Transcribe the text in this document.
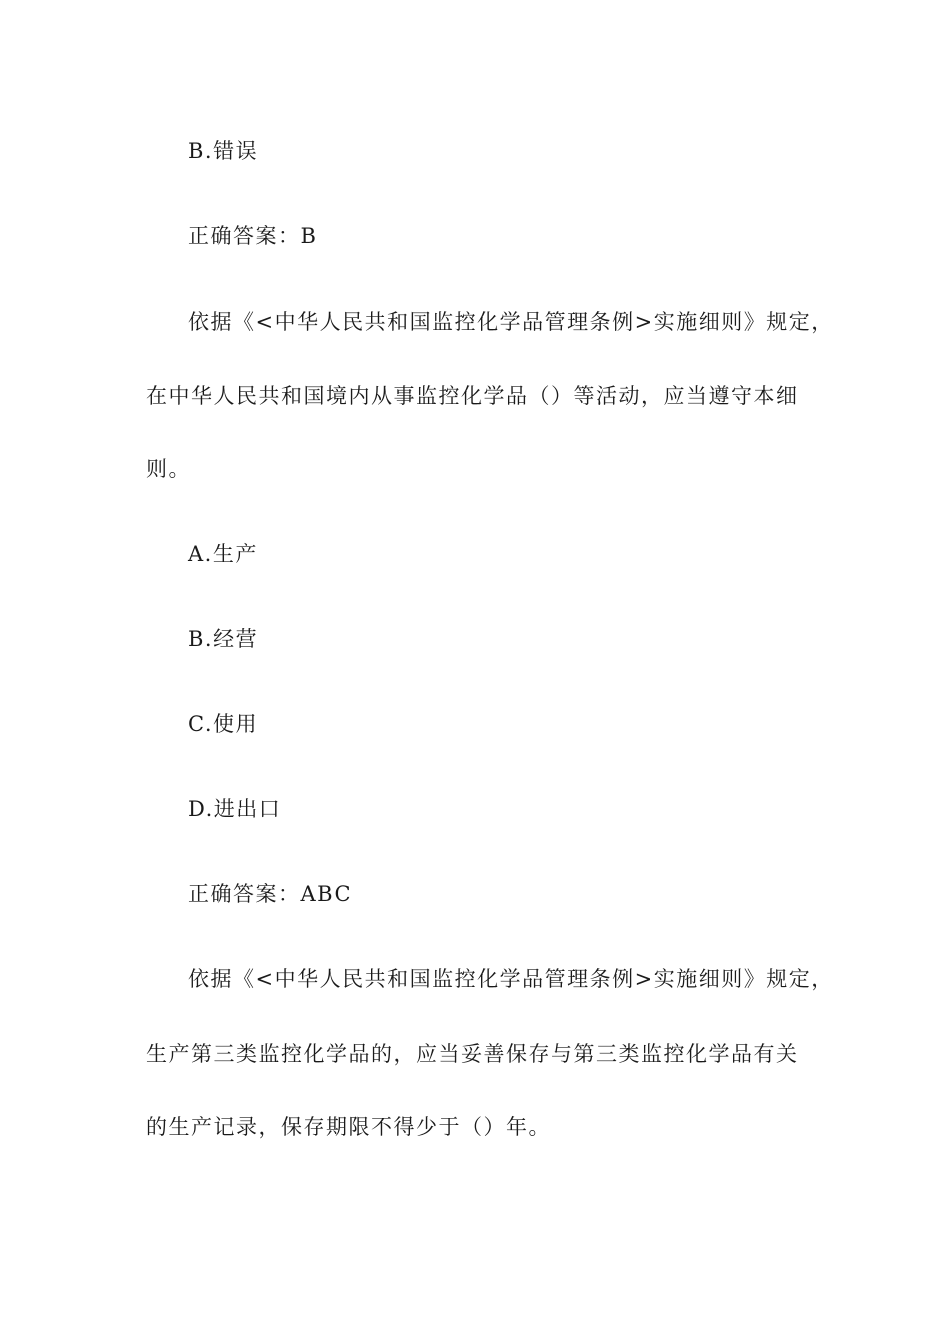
B.错误
正确答案：B
依据《<中华人民共和国监控化学品管理条例>实施细则》规定，
在中华人民共和国境内从事监控化学品（）等活动，应当遵守本细
则。
A.生产
B.经营
C.使用
D.进出口
正确答案：ABC
依据《<中华人民共和国监控化学品管理条例>实施细则》规定，
生产第三类监控化学品的，应当妥善保存与第三类监控化学品有关
的生产记录，保存期限不得少于（）年。
